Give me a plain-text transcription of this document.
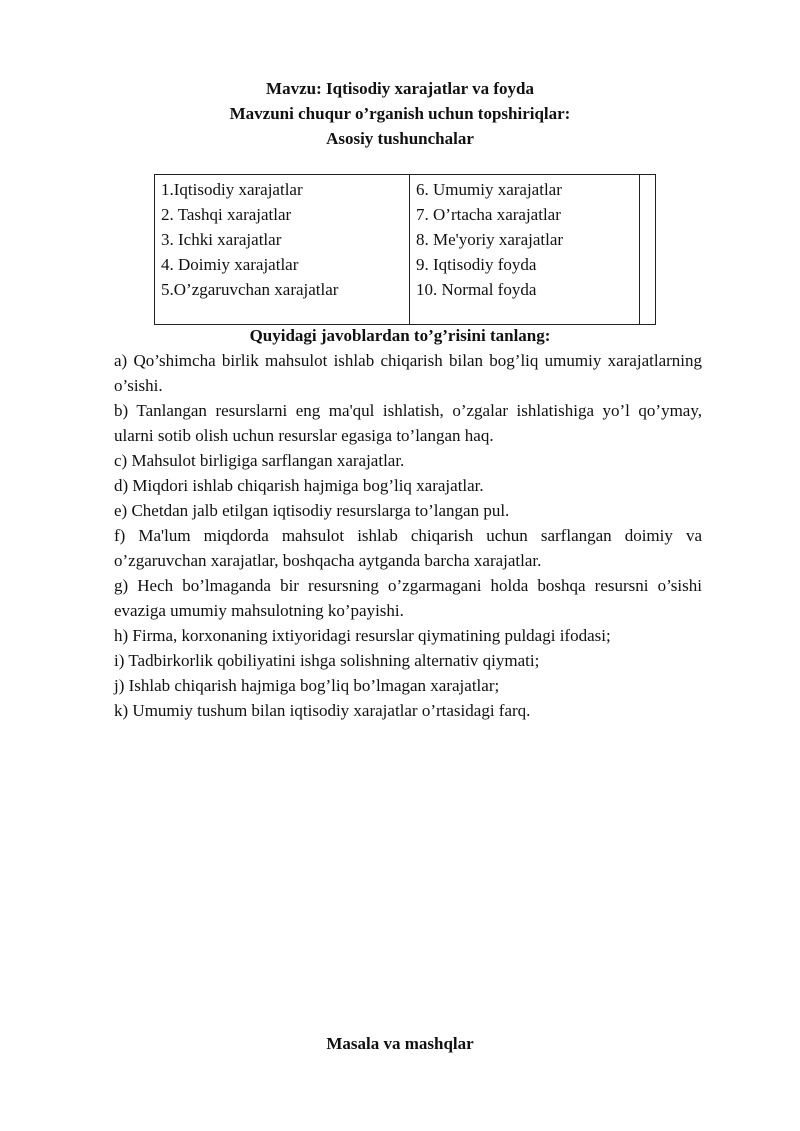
Mavzu: Iqtisodiy xarajatlar va foyda

Mavzuni chuqur o’rganish uchun topshiriqlar:

Asosiy tushunchalar

1.Iqtisodiy xarajatlar
2. Tashqi xarajatlar
3. Ichki xarajatlar
4. Doimiy xarajatlar
5.O’zgaruvchan xarajatlar
6. Umumiy xarajatlar
7. O’rtacha xarajatlar
8. Me'yoriy xarajatlar
9. Iqtisodiy foyda
10. Normal foyda

Quyidagi javoblardan to’g’risini tanlang:

a) Qo’shimcha birlik mahsulot ishlab chiqarish bilan bog’liq umumiy xarajatlarning o’sishi.

b) Tanlangan resurslarni eng ma'qul ishlatish, o’zgalar ishlatishiga yo’l qo’ymay, ularni sotib olish uchun resurslar egasiga to’langan haq.

c) Mahsulot birligiga sarflangan xarajatlar.

d) Miqdori ishlab chiqarish hajmiga bog’liq xarajatlar.

e) Chetdan jalb etilgan iqtisodiy resurslarga to’langan pul.

f) Ma'lum miqdorda mahsulot ishlab chiqarish uchun sarflangan doimiy va o’zgaruvchan xarajatlar, boshqacha aytganda barcha xarajatlar.

g) Hech bo’lmaganda bir resursning o’zgarmagani holda boshqa resursni o’sishi evaziga umumiy mahsulotning ko’payishi.

h) Firma, korxonaning ixtiyoridagi resurslar qiymatining puldagi ifodasi;

i) Tadbirkorlik qobiliyatini ishga solishning alternativ qiymati;

j) Ishlab chiqarish hajmiga bog’liq bo’lmagan xarajatlar;

k) Umumiy tushum bilan iqtisodiy xarajatlar o’rtasidagi farq.

Masala va mashqlar
